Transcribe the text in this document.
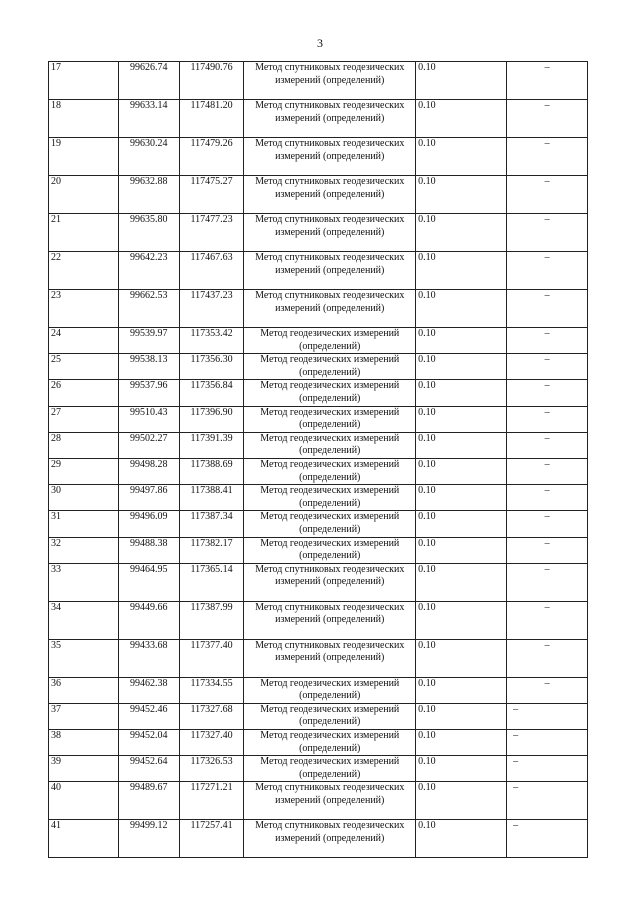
3
17	99626.74	117490.76	Метод спутниковых геодезических измерений (определений)	0.10	–

18	99633.14	117481.20	Метод спутниковых геодезических измерений (определений)	0.10	–

19	99630.24	117479.26	Метод спутниковых геодезических измерений (определений)	0.10	–

20	99632.88	117475.27	Метод спутниковых геодезических измерений (определений)	0.10	–

21	99635.80	117477.23	Метод спутниковых геодезических измерений (определений)	0.10	–

22	99642.23	117467.63	Метод спутниковых геодезических измерений (определений)	0.10	–

23	99662.53	117437.23	Метод спутниковых геодезических измерений (определений)	0.10	–

24	99539.97	117353.42	Метод геодезических измерений (определений)	0.10	–

25	99538.13	117356.30	Метод геодезических измерений (определений)	0.10	–

26	99537.96	117356.84	Метод геодезических измерений (определений)	0.10	–

27	99510.43	117396.90	Метод геодезических измерений (определений)	0.10	–

28	99502.27	117391.39	Метод геодезических измерений (определений)	0.10	–

29	99498.28	117388.69	Метод геодезических измерений (определений)	0.10	–

30	99497.86	117388.41	Метод геодезических измерений (определений)	0.10	–

31	99496.09	117387.34	Метод геодезических измерений (определений)	0.10	–

32	99488.38	117382.17	Метод геодезических измерений (определений)	0.10	–

33	99464.95	117365.14	Метод спутниковых геодезических измерений (определений)	0.10	–

34	99449.66	117387.99	Метод спутниковых геодезических измерений (определений)	0.10	–

35	99433.68	117377.40	Метод спутниковых геодезических измерений (определений)	0.10	–

36	99462.38	117334.55	Метод геодезических измерений (определений)	0.10	–

37	99452.46	117327.68	Метод геодезических измерений (определений)	0.10	–

38	99452.04	117327.40	Метод геодезических измерений (определений)	0.10	–

39	99452.64	117326.53	Метод геодезических измерений (определений)	0.10	–

40	99489.67	117271.21	Метод спутниковых геодезических измерений (определений)	0.10	–

41	99499.12	117257.41	Метод спутниковых геодезических измерений (определений)	0.10	–
